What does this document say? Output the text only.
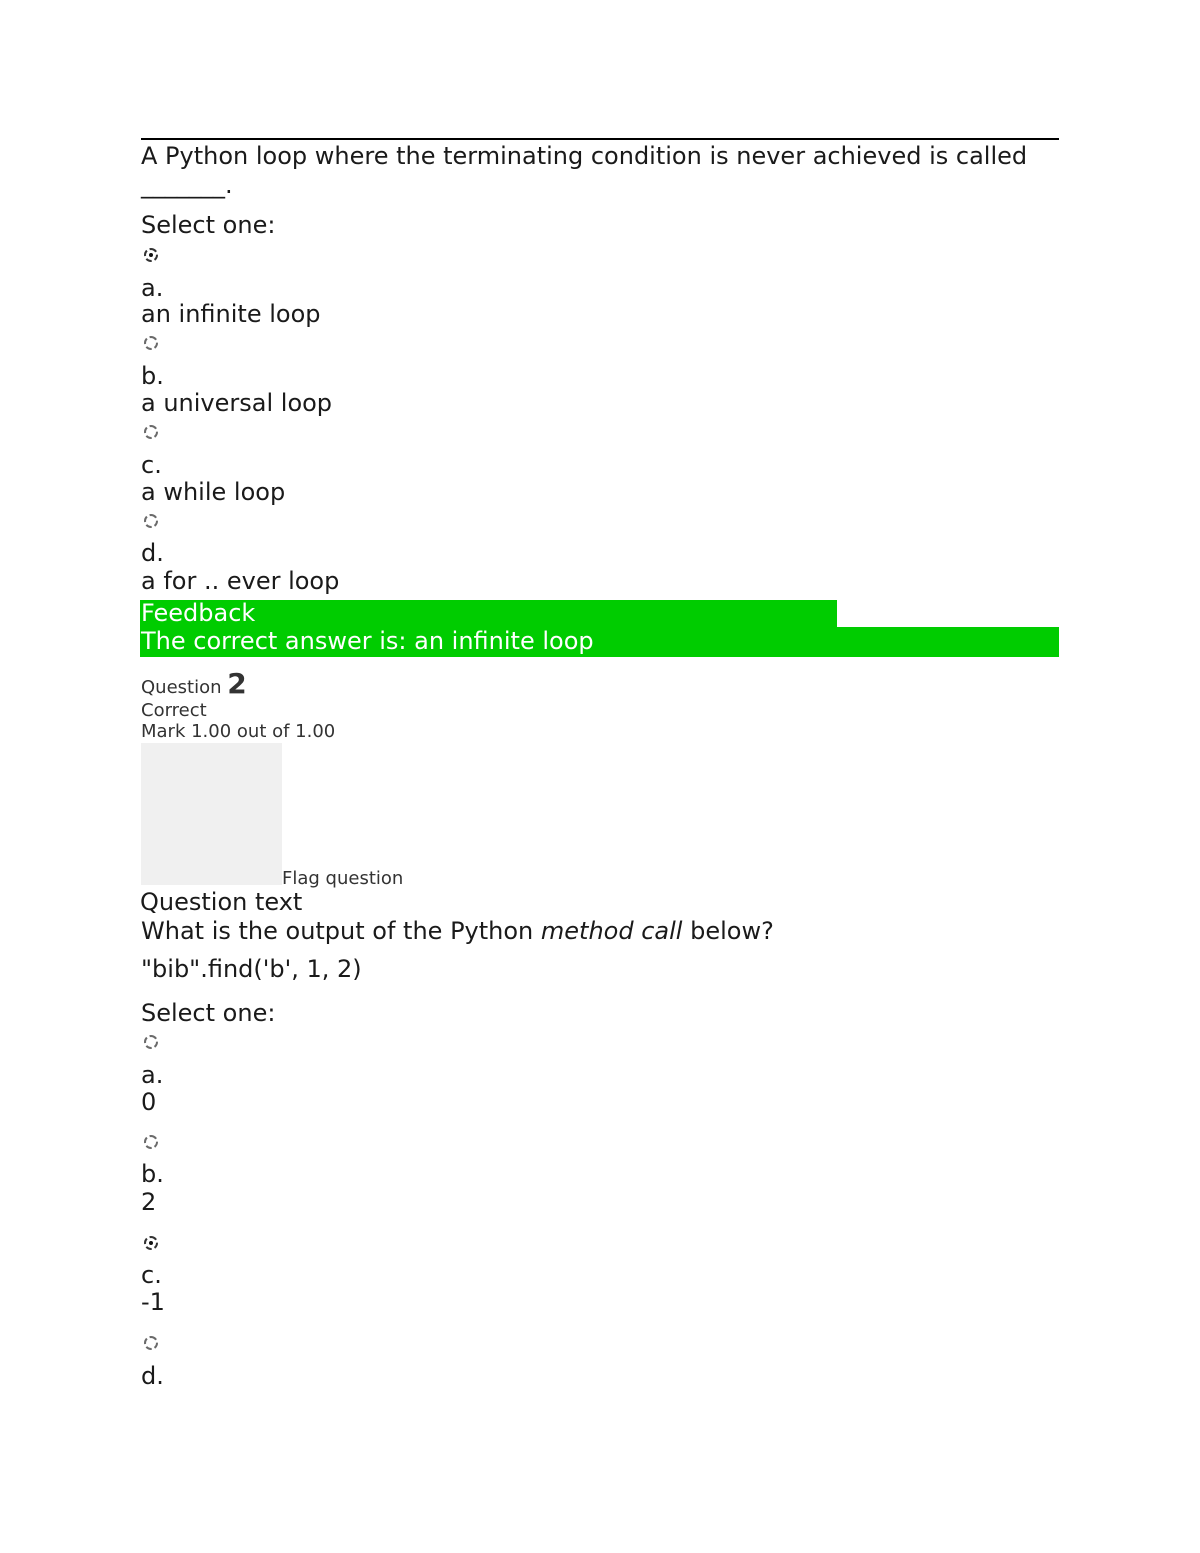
A Python loop where the terminating condition is never achieved is called
_______.
Select one:
a.
an infinite loop
b.
a universal loop
c.
a while loop
d.
a for .. ever loop
Feedback
The correct answer is: an infinite loop
Question 2
Correct
Mark 1.00 out of 1.00
Flag question
Question text
What is the output of the Python method call below?
"bib".find('b', 1, 2)
Select one:
a.
0
b.
2
c.
-1
d.
